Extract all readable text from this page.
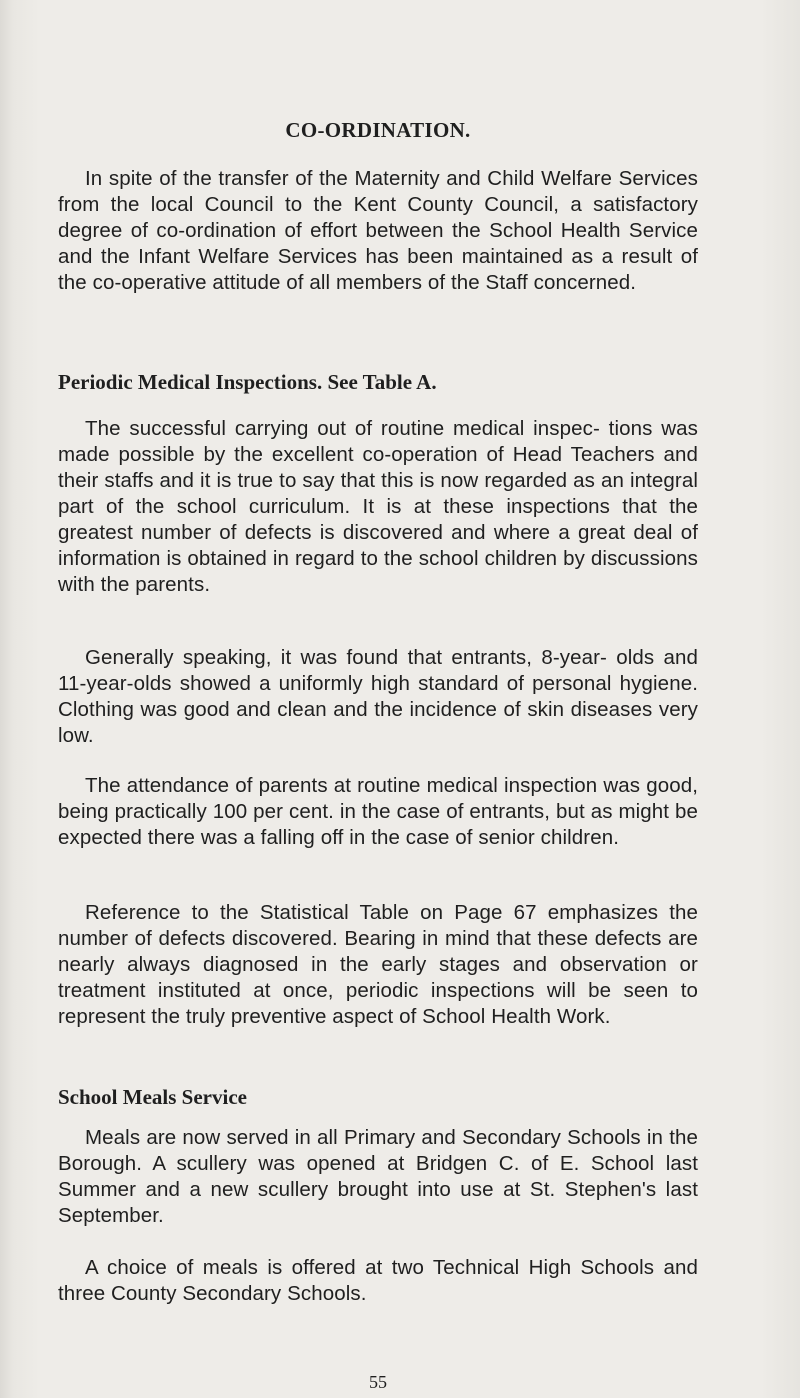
CO-ORDINATION.

In spite of the transfer of the Maternity and Child Welfare Services from the local Council to the Kent County Council, a satisfactory degree of co-ordination of effort between the School Health Service and the Infant Welfare Services has been maintained as a result of the co-operative attitude of all members of the Staff concerned.

Periodic Medical Inspections. See Table A.

The successful carrying out of routine medical inspec- tions was made possible by the excellent co-operation of Head Teachers and their staffs and it is true to say that this is now regarded as an integral part of the school curriculum. It is at these inspections that the greatest number of defects is discovered and where a great deal of information is obtained in regard to the school children by discussions with the parents.

Generally speaking, it was found that entrants, 8-year- olds and 11-year-olds showed a uniformly high standard of personal hygiene. Clothing was good and clean and the incidence of skin diseases very low.

The attendance of parents at routine medical inspection was good, being practically 100 per cent. in the case of entrants, but as might be expected there was a falling off in the case of senior children.

Reference to the Statistical Table on Page 67 emphasizes the number of defects discovered. Bearing in mind that these defects are nearly always diagnosed in the early stages and observation or treatment instituted at once, periodic inspections will be seen to represent the truly preventive aspect of School Health Work.

School Meals Service

Meals are now served in all Primary and Secondary Schools in the Borough. A scullery was opened at Bridgen C. of E. School last Summer and a new scullery brought into use at St. Stephen's last September.

A choice of meals is offered at two Technical High Schools and three County Secondary Schools.

55
